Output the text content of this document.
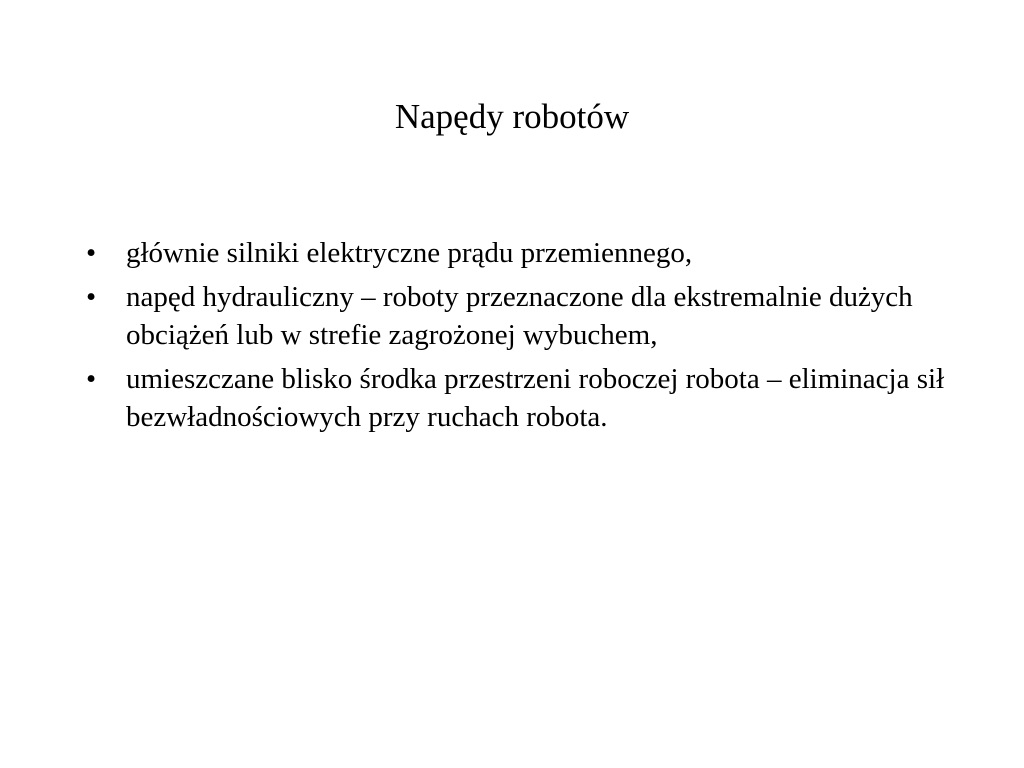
Napędy robotów
•	głównie silniki elektryczne prądu przemiennego,
•	napęd hydrauliczny – roboty przeznaczone dla ekstremalnie dużych obciążeń lub w strefie zagrożonej wybuchem,
•	umieszczane blisko środka przestrzeni roboczej robota – eliminacja sił bezwładnościowych przy ruchach robota.
